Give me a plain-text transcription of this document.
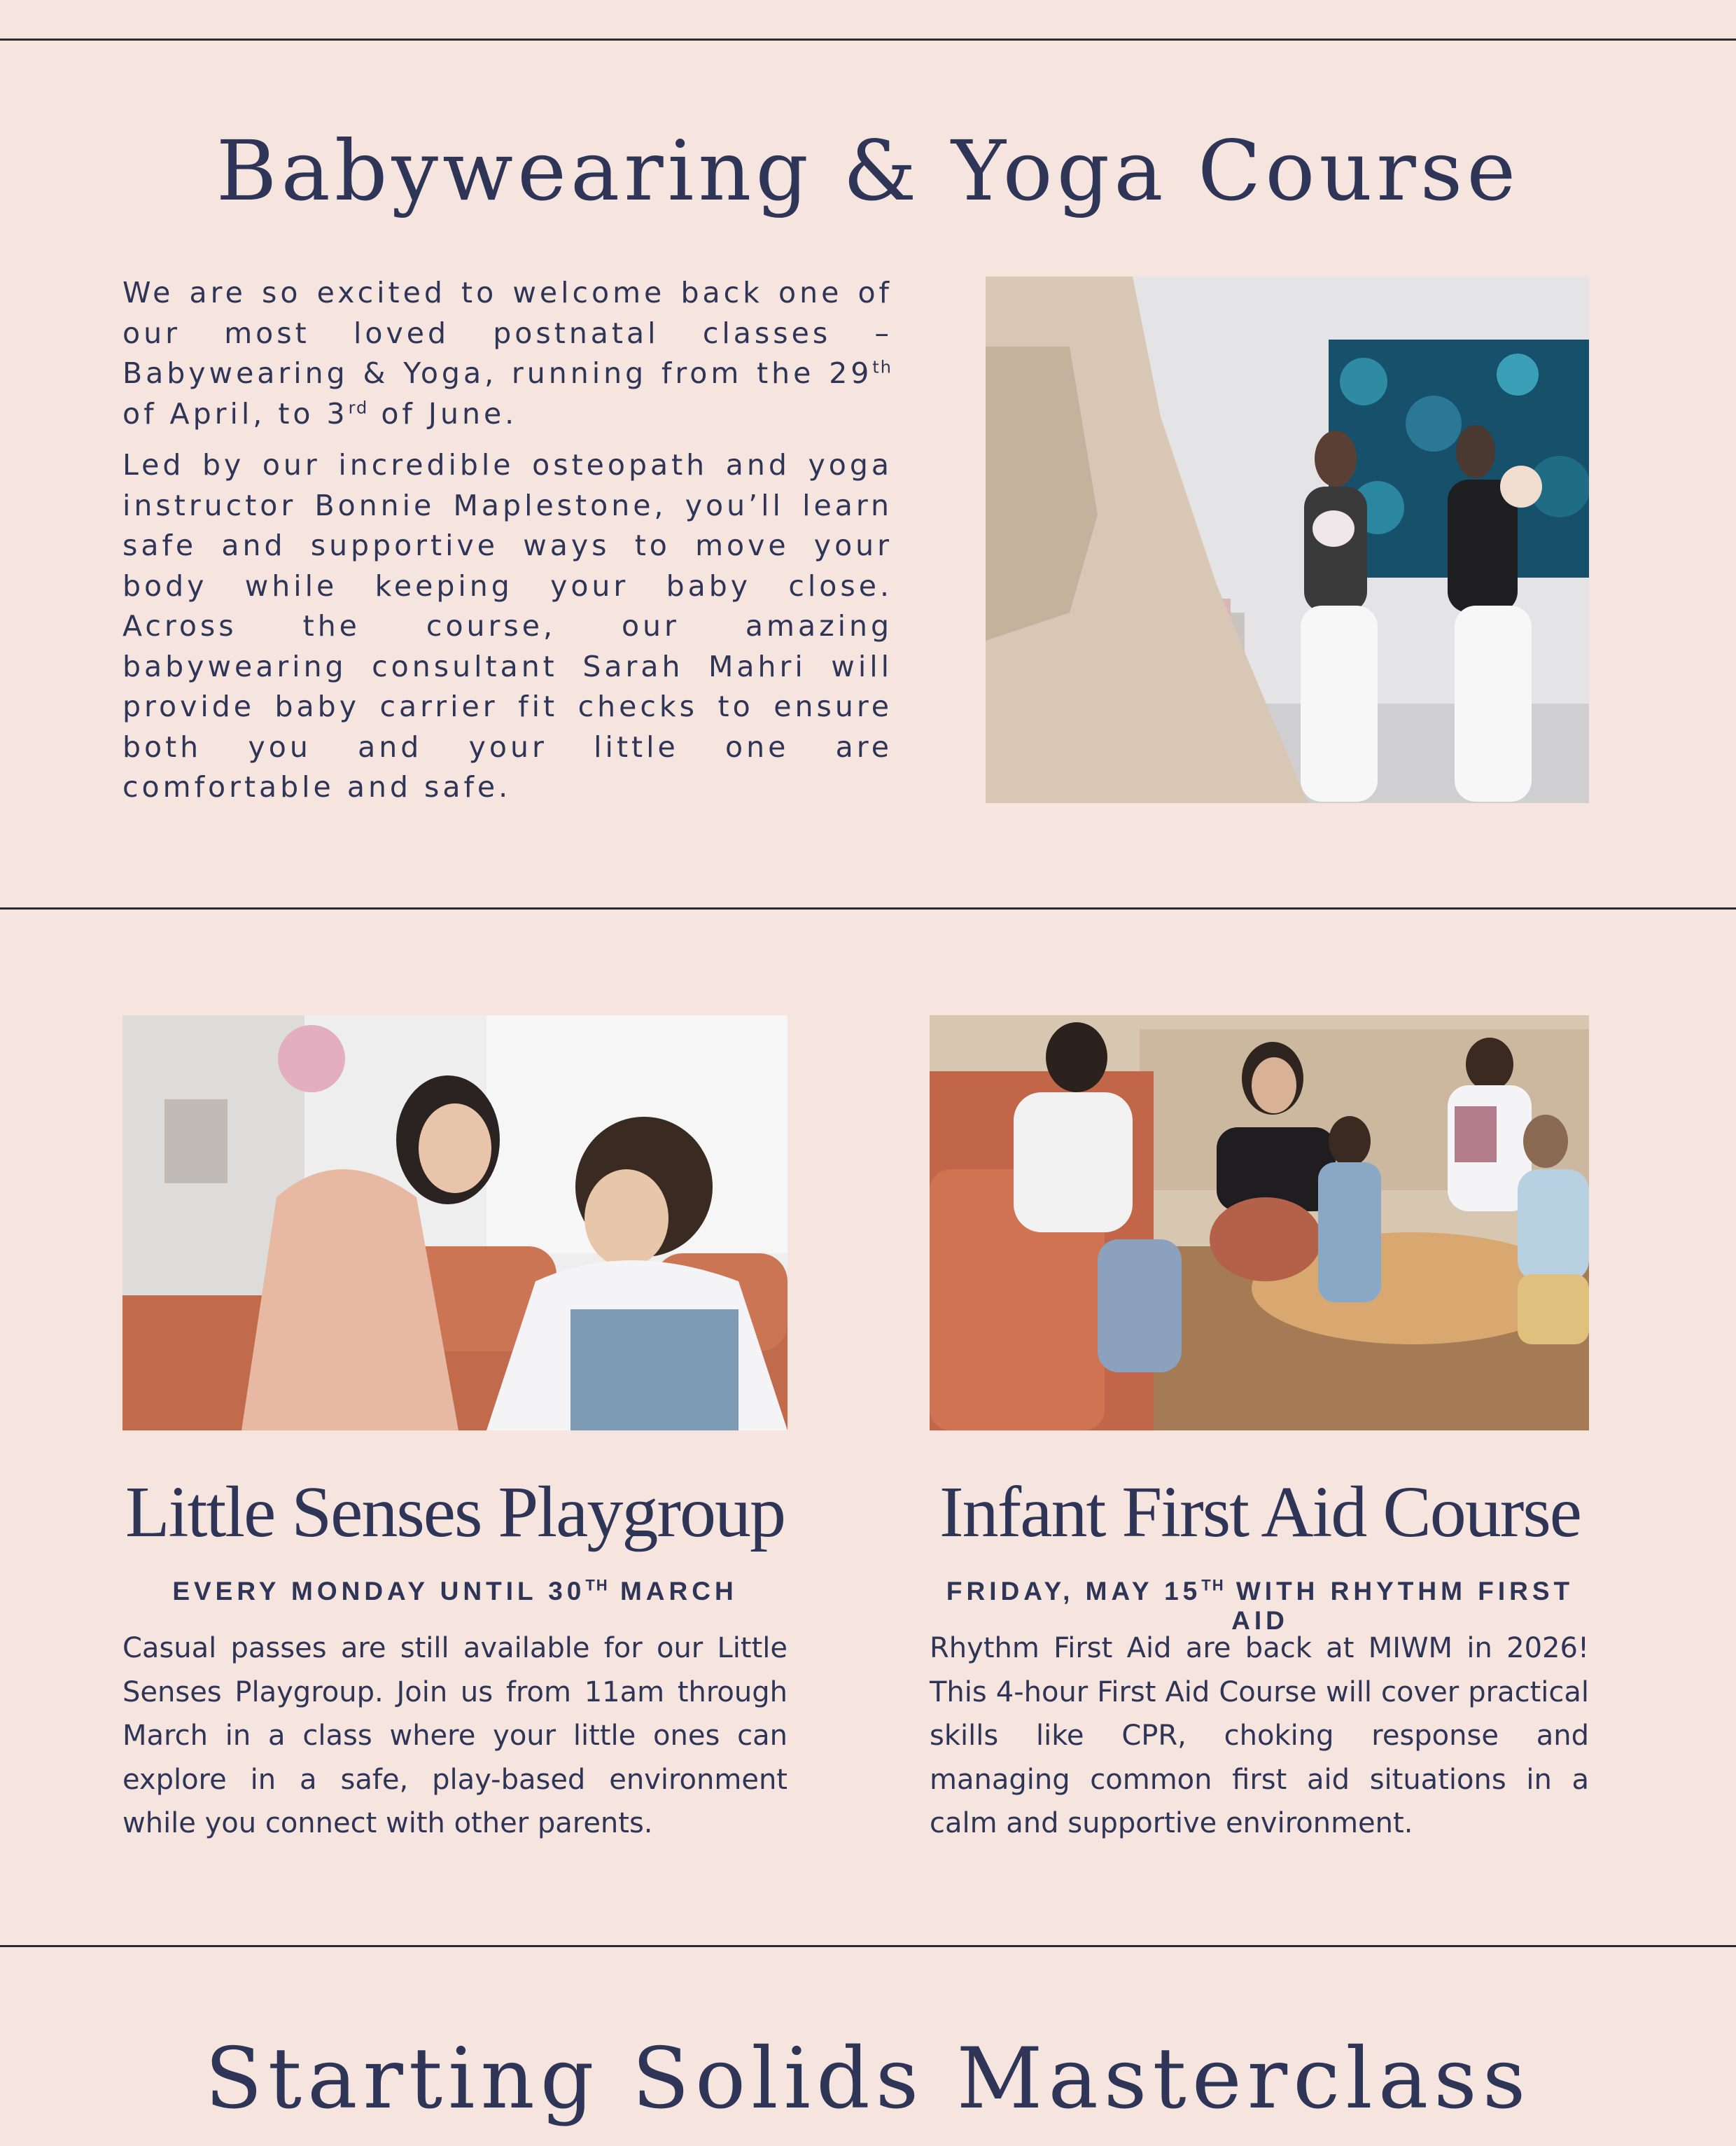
Babywearing & Yoga Course

We are so excited to welcome back one of our most loved postnatal classes – Babywearing & Yoga, running from the 29th of April, to 3rd of June.

Led by our incredible osteopath and yoga instructor Bonnie Maplestone, you’ll learn safe and supportive ways to move your body while keeping your baby close. Across the course, our amazing babywearing consultant Sarah Mahri will provide baby carrier fit checks to ensure both you and your little one are comfortable and safe.

Little Senses Playgroup

EVERY MONDAY UNTIL 30TH MARCH

Casual passes are still available for our Little Senses Playgroup. Join us from 11am through March in a class where your little ones can explore in a safe, play-based environment while you connect with other parents.

Infant First Aid Course

FRIDAY, MAY 15TH WITH RHYTHM FIRST AID

Rhythm First Aid are back at MIWM in 2026! This 4-hour First Aid Course will cover practical skills like CPR, choking response and managing common first aid situations in a calm and supportive environment.

Starting Solids Masterclass
